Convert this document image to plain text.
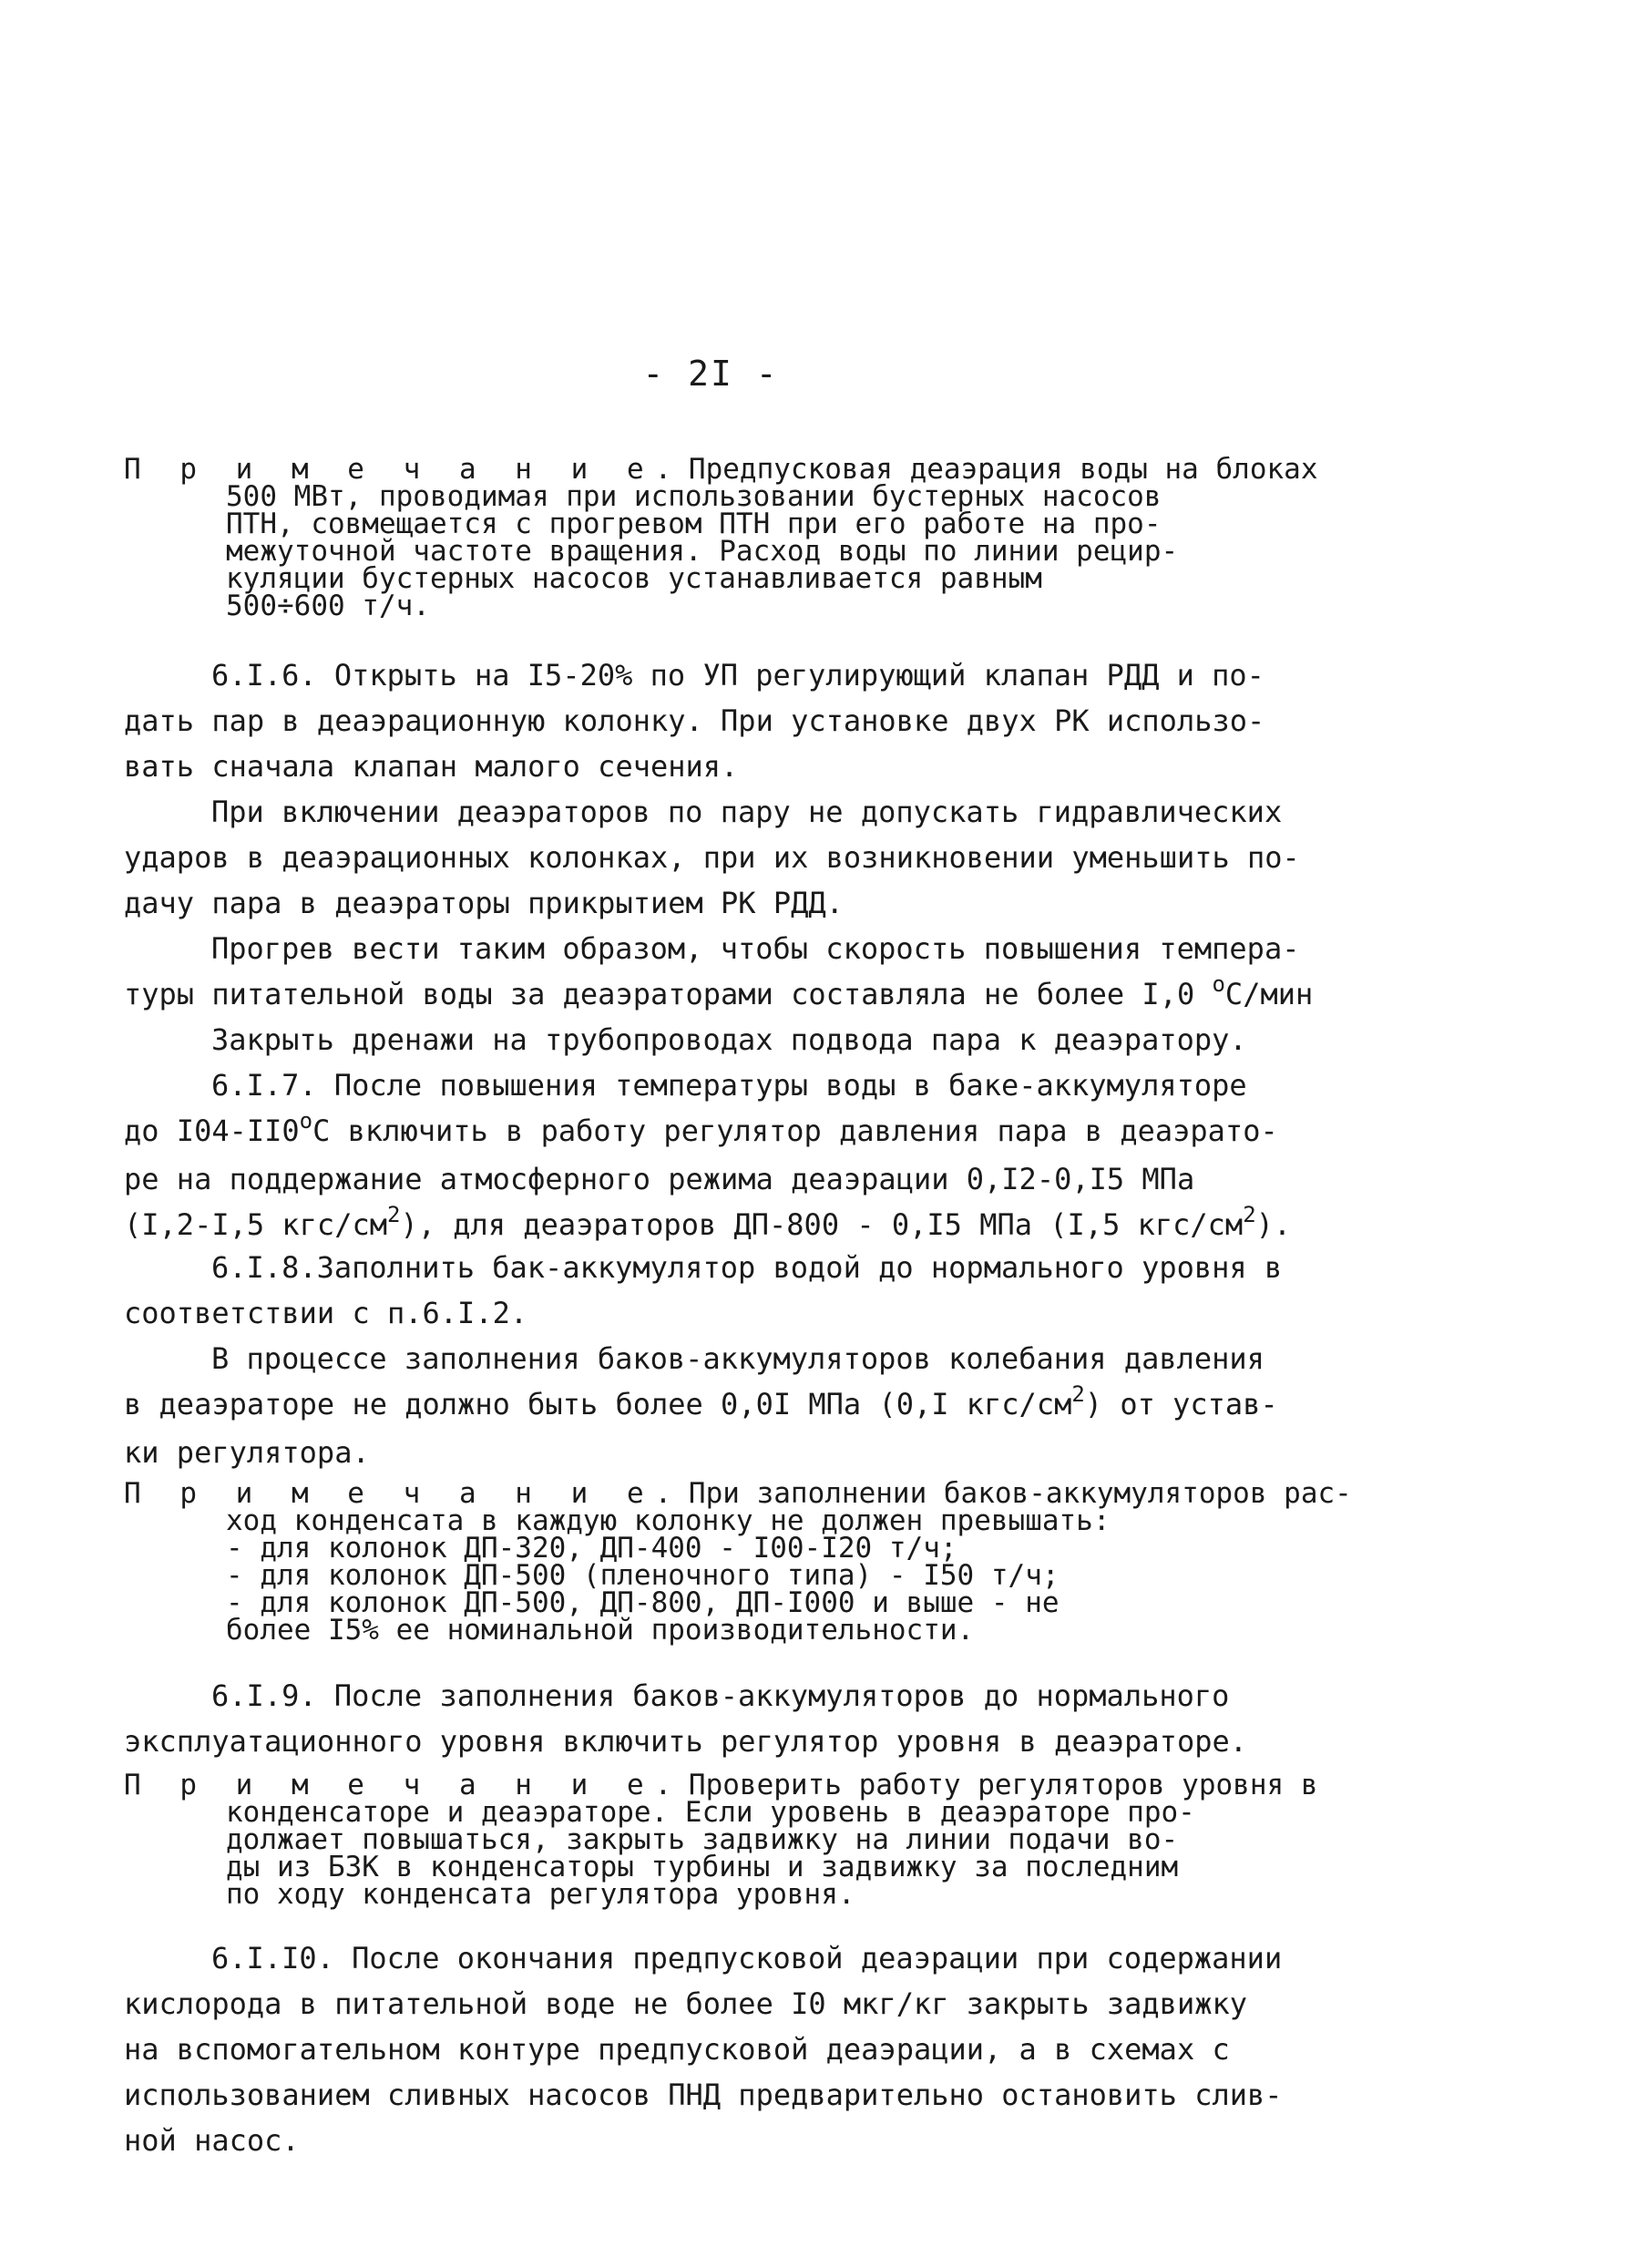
- 2I -

П р и м е ч а н и е. Предпусковая деаэрация воды на блоках
500 МВт, проводимая при использовании бустерных насосов
ПТН, совмещается с прогревом ПТН при его работе на про-
межуточной частоте вращения. Расход воды по линии рецир-
куляции бустерных насосов устанавливается равным
500÷600 т/ч.

6.I.6. Открыть на I5-20% по УП регулирующий клапан РДД и по-
дать пар в деаэрационную колонку. При установке двух РК использо-
вать сначала клапан малого сечения.

При включении деаэраторов по пару не допускать гидравлических
ударов в деаэрационных колонках, при их возникновении уменьшить по-
дачу пара в деаэраторы прикрытием РК РДД.

Прогрев вести таким образом, чтобы скорость повышения темпера-
туры питательной воды за деаэраторами составляла не более I,0 $^о$С/мин

Закрыть дренажи на трубопроводах подвода пара к деаэратору.

6.I.7. После повышения температуры воды в баке-аккумуляторе
до $I04-II0^оС$ включить в работу регулятор давления пара в деаэрато-
ре на поддержание атмосферного режима деаэрации 0,I2-0,I5 МПа
(I,2-I,5 кгс/$см^2$), для деаэраторов ДП-800 - 0,I5 МПа (I,5 кгс/$см^2$).

6.I.8.Заполнить бак-аккумулятор водой до нормального уровня в
соответствии с п.6.I.2.

В процессе заполнения баков-аккумуляторов колебания давления
в деаэраторе не должно быть более 0,0I МПа (0,I кгс/$см^2$) от устав-
ки регулятора.

П р и м е ч а н и е. При заполнении баков-аккумуляторов рас-
ход конденсата в каждую колонку не должен превышать:
- для колонок ДП-320, ДП-400 - I00-I20 т/ч;
- для колонок ДП-500 (пленочного типа) - I50 т/ч;
- для колонок ДП-500, ДП-800, ДП-I000 и выше - не
более I5% ее номинальной производительности.

6.I.9. После заполнения баков-аккумуляторов до нормального
эксплуатационного уровня включить регулятор уровня в деаэраторе.

П р и м е ч а н и е. Проверить работу регуляторов уровня в
конденсаторе и деаэраторе. Если уровень в деаэраторе про-
должает повышаться, закрыть задвижку на линии подачи во-
ды из БЗК в конденсаторы турбины и задвижку за последним
по ходу конденсата регулятора уровня.

6.I.I0. После окончания предпусковой деаэрации при содержании
кислорода в питательной воде не более I0 мкг/кг закрыть задвижку
на вспомогательном контуре предпусковой деаэрации, а в схемах с
использованием сливных насосов ПНД предварительно остановить слив-
ной насос.
